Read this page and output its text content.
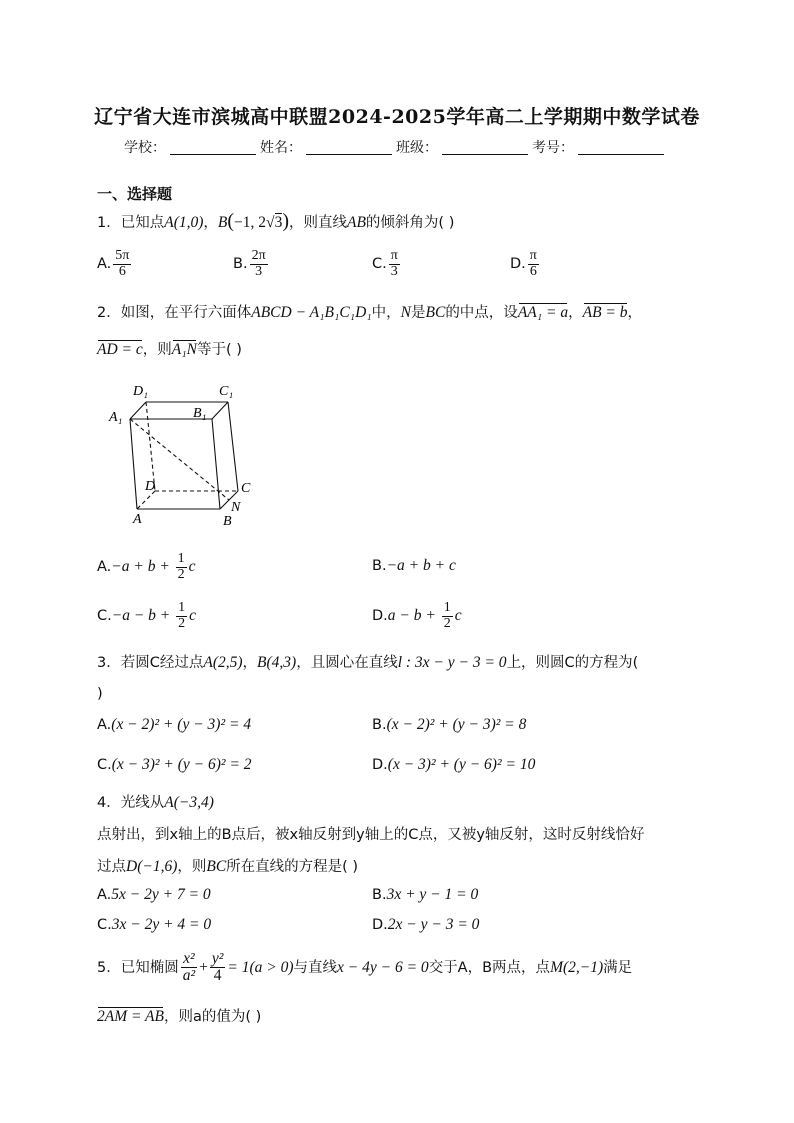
辽宁省大连市滨城高中联盟2024-2025学年高二上学期期中数学试卷
学校：	姓名：	班级：	考号：
一、选择题
1．已知点A(1,0)，B(−1, 2√3)，则直线AB的倾斜角为( )
A. $\frac{5\pi}{6}$	B. $\frac{2\pi}{3}$	C. $\frac{\pi}{3}$	D. $\frac{\pi}{6}$
2．如图，在平行六面体ABCD − A₁B₁C₁D₁中，N是BC的中点，设AA₁ = a，AB = b，
AD = c，则A₁N等于( )
D₁	C₁
A₁	B₁
D	C
N
A	B
$A.-a + b + \frac{1}{2}$ c	B.−a + b + c
$C.-a - b + \frac{1}{2}$ c	$D.a - b + \frac{1}{2}$ c
3．若圆C经过点A(2,5)，B(4,3)，且圆心在直线l : 3x − y − 3 = 0上，则圆C的方程为(
)
A.(x − 2)² + (y − 3)² = 4	B.(x − 2)² + (y − 3)² = 8
C.(x − 3)² + (y − 6)² = 2	D.(x − 3)² + (y − 6)² = 10
4．光线从A(−3,4)
点射出，到x轴上的B点后，被x轴反射到y轴上的C点，又被y轴反射，这时反射线恰好
过点D(−1,6)，则BC所在直线的方程是( )
A.5x − 2y + 7 = 0	B.3x + y − 1 = 0
C.3x − 2y + 4 = 0	D.2x − y − 3 = 0
5．已知椭圆 $\frac{\text{x²}}{\text{a²}} + \frac{\text{y²}}{4} = 1(a > 0)$与直线x − 4y − 6 = 0交于A，B两点，点M(2,−1)满足
2AM = AB，则a的值为( )
